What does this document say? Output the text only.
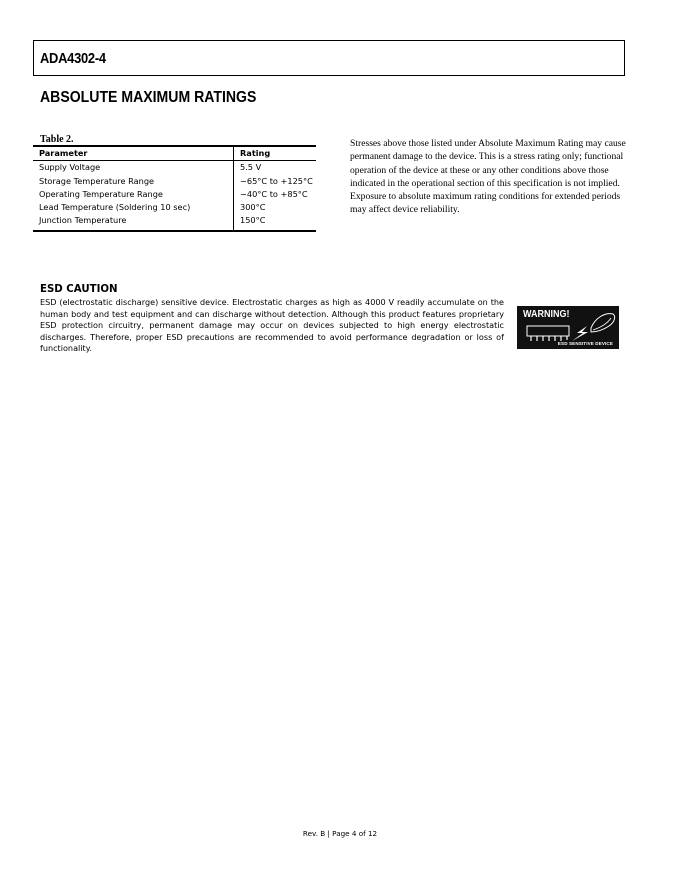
ADA4302-4
ABSOLUTE MAXIMUM RATINGS
Table 2.
Parameter	Rating
Supply Voltage	5.5 V
Storage Temperature Range	−65°C to +125°C
Operating Temperature Range	−40°C to +85°C
Lead Temperature (Soldering 10 sec)	300°C
Junction Temperature	150°C

Stresses above those listed under Absolute Maximum Rating may cause permanent damage to the device. This is a stress rating only; functional operation of the device at these or any other conditions above those indicated in the operational section of this specification is not implied. Exposure to absolute maximum rating conditions for extended periods may affect device reliability.

ESD CAUTION

ESD (electrostatic discharge) sensitive device. Electrostatic charges as high as 4000 V readily accumulate on the human body and test equipment and can discharge without detection. Although this product features proprietary ESD protection circuitry, permanent damage may occur on devices subjected to high energy electrostatic discharges. Therefore, proper ESD precautions are recommended to avoid performance degradation or loss of functionality.

WARNING!
ESD SENSITIVE DEVICE
Rev. B | Page 4 of 12
